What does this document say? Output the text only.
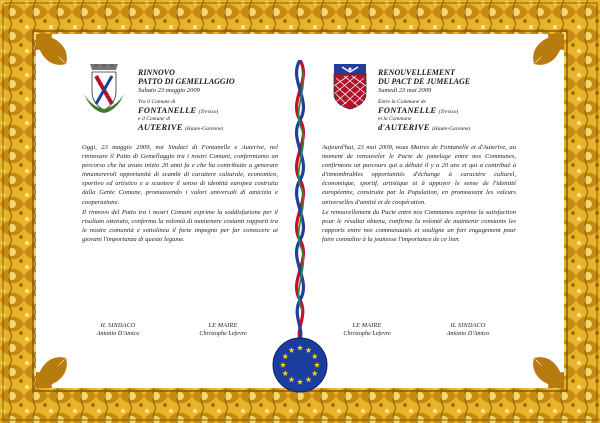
RINNOVO
PATTO DI GEMELLAGGIO
Sabato 23 maggio 2009
Tra il Comune di
FONTANELLE (Treviso)
e il Comune di
AUTERIVE (Haute-Garonne)
RENOUVELLEMENT
DU PACT DE JUMELAGE
Samedi 23 mai 2009
Entre la Commune de
FONTANELLE (Treviso)
et la Commune
d'AUTERIVE (Haute-Garonne)

Oggi, 23 maggio 2009, noi Sindaci di Fontanelle e Auterive, nel rinnovare il Patto di Gemellaggio tra i nostri Comuni, confermiamo un percorso che ha avuto inizio 20 anni fa e che ha contribuito a generare innumerevoli opportunità di scambi di carattere culturale, economico, sportivo ed artistico e a scuotere il senso di identità europea costruita dalla Gente Comune, promuovendo i valori universali di amicizia e cooperazione.

Il rinnovo del Patto tra i nostri Comuni esprime la soddisfazione per il risultato ottenuto, conferma la volontà di mantenere costanti rapporti tra le nostre comunità e sottolinea il forte impegno per far conoscere ai giovani l'importanza di questo legame.

Aujourd'hui, 23 mai 2009, nous Maires de Fontanelle et d'Auterive, au moment de renouveler le Pacte de jumelage entre nos Communes, confirmons un parcours qui a débuté il y a 20 ans et qui a contribué à d'innombrables opportunités d'échange à caractère culturel, économique, sportif, artistique et à appuyer le sense de l'identité européenne, construite par la Population, en promouvant les valeurs universelles d'amitié et de coopération.

Le renouvellement du Pacte entre nos Communes exprime la satisfaction pour le résultat obtenu, confirme la volonté de maintenir constants les rapports entre nos communautés et souligne un fort engagement pour faire connaître à la jeunesse l'importance de ce lien.

IL SINDACO
Antonio D'Amico
LE MAIRE
Christophe Lefevre
LE MAIRE
Christophe Lefevre
IL SINDACO
Antonio D'Amico
